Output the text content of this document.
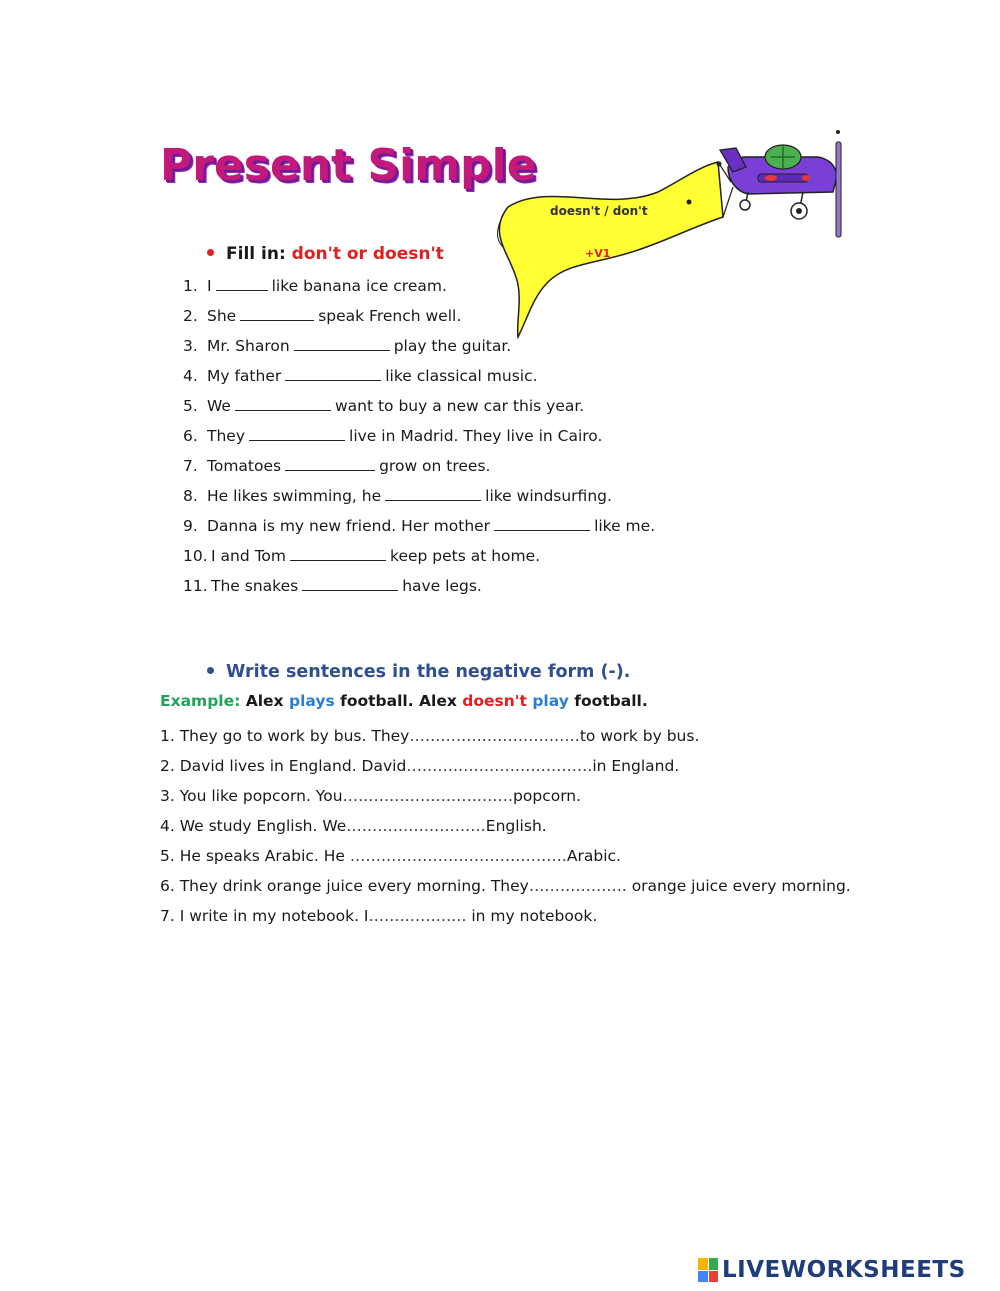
Present Simple
doesn't / don't
+V1
Fill in: don't or doesn't
1. I	like banana ice cream.
2. She	speak French well.
3. Mr. Sharon	play the guitar.
4. My father	like classical music.
5. We	want to buy a new car this year.
6. They	live in Madrid. They live in Cairo.
7. Tomatoes	grow on trees.
8. He likes swimming, he	like windsurfing.
9. Danna is my new friend. Her mother	like me.
10. I and Tom	keep pets at home.
11. The snakes	have legs.
Write sentences in the negative form (-).
Example: Alex plays football. Alex doesn't play football.
1. They go to work by bus. They……………………………to work by bus.
2. David lives in England. David………………………………in England.
3. You like popcorn. You……………………………popcorn.
4. We study English. We………………………English.
5. He speaks Arabic. He ……………………………………Arabic.
6. They drink orange juice every morning. They………………. orange juice every morning.
7. I write in my notebook. I………………. in my notebook.
LIVEWORKSHEETS
